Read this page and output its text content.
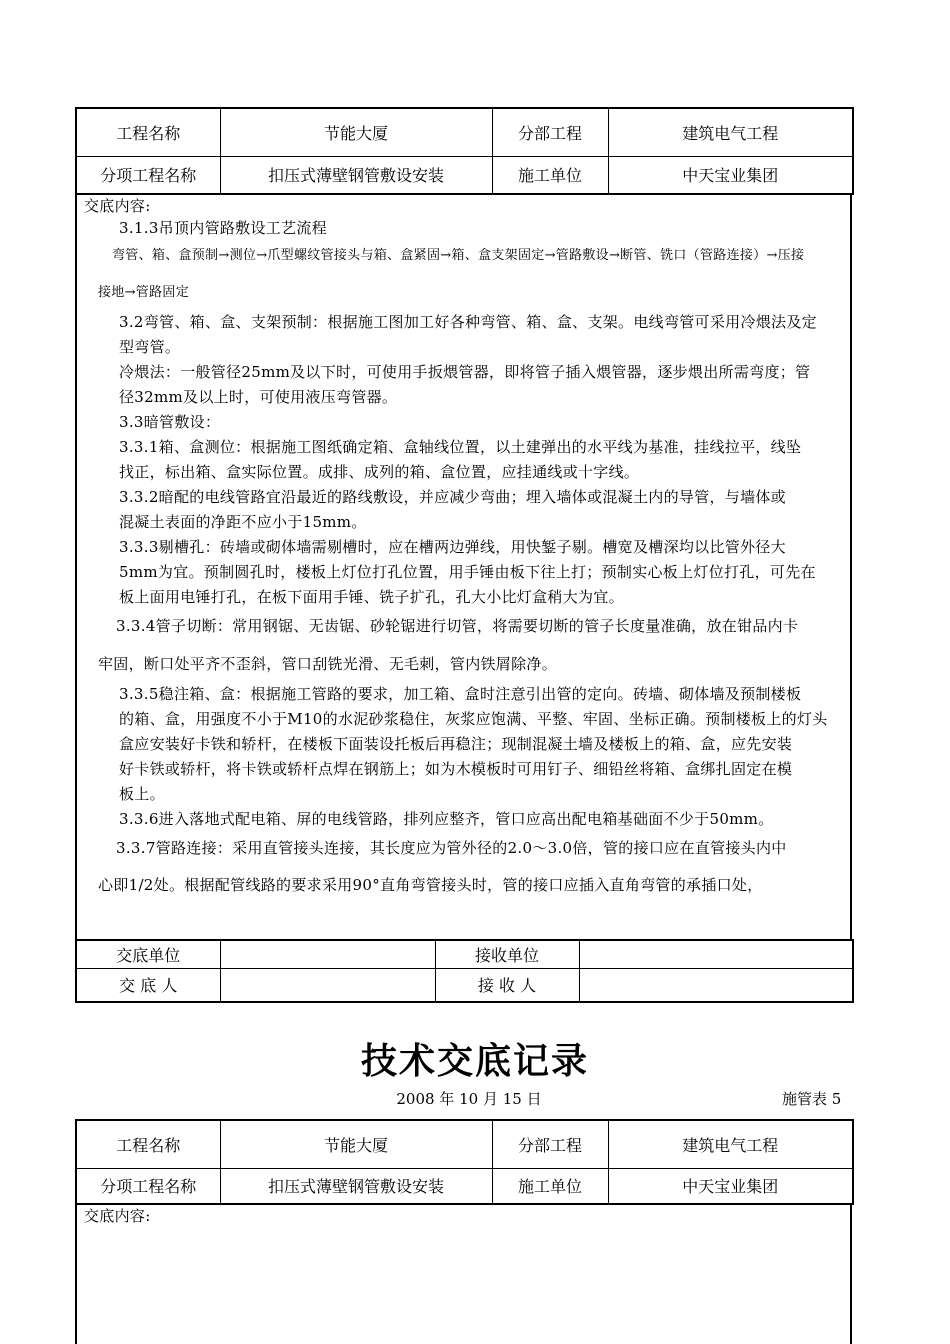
工程名称	节能大厦	分部工程	建筑电气工程
分项工程名称	扣压式薄壁钢管敷设安装	施工单位	中天宝业集团
交底内容:
3.1.3吊顶内管路敷设工艺流程
弯管、箱、盒预制→测位→爪型螺纹管接头与箱、盒紧固→箱、盒支架固定→管路敷设→断管、铣口（管路连接）→压接
接地→管路固定
3.2弯管、箱、盒、支架预制：根据施工图加工好各种弯管、箱、盒、支架。电线弯管可采用冷煨法及定
型弯管。
冷煨法：一般管径25mm及以下时，可使用手扳煨管器，即将管子插入煨管器，逐步煨出所需弯度；管
径32mm及以上时，可使用液压弯管器。
3.3暗管敷设：
3.3.1箱、盒测位：根据施工图纸确定箱、盒轴线位置，以土建弹出的水平线为基准，挂线拉平，线坠
找正，标出箱、盒实际位置。成排、成列的箱、盒位置，应挂通线或十字线。
3.3.2暗配的电线管路宜沿最近的路线敷设，并应减少弯曲；埋入墙体或混凝土内的导管，与墙体或
混凝土表面的净距不应小于15mm。
3.3.3剔槽孔：砖墙或砌体墙需剔槽时，应在槽两边弹线，用快錾子剔。槽宽及槽深均以比管外径大
5mm为宜。预制圆孔时，楼板上灯位打孔位置，用手锤由板下往上打；预制实心板上灯位打孔，可先在
板上面用电锤打孔，在板下面用手锤、铣子扩孔，孔大小比灯盒稍大为宜。
3.3.4管子切断：常用钢锯、无齿锯、砂轮锯进行切管，将需要切断的管子长度量准确，放在钳品内卡
牢固，断口处平齐不歪斜，管口刮铣光滑、无毛刺，管内铁屑除净。
3.3.5稳注箱、盒：根据施工管路的要求，加工箱、盒时注意引出管的定向。砖墙、砌体墙及预制楼板
的箱、盒，用强度不小于M10的水泥砂浆稳住，灰浆应饱满、平整、牢固、坐标正确。预制楼板上的灯头
盒应安装好卡铁和轿杆，在楼板下面装设托板后再稳注；现制混凝土墙及楼板上的箱、盒，应先安装
好卡铁或轿杆，将卡铁或轿杆点焊在钢筋上；如为木模板时可用钉子、细铅丝将箱、盒绑扎固定在模
板上。
3.3.6进入落地式配电箱、屏的电线管路，排列应整齐，管口应高出配电箱基础面不少于50mm。
3.3.7管路连接：采用直管接头连接，其长度应为管外径的2.0～3.0倍，管的接口应在直管接头内中
心即1/2处。根据配管线路的要求采用90°直角弯管接头时，管的接口应插入直角弯管的承插口处，
交底单位		接收单位	
交 底 人		接 收 人	
技术交底记录
2008 年 10 月 15 日	施管表 5
工程名称	节能大厦	分部工程	建筑电气工程
分项工程名称	扣压式薄壁钢管敷设安装	施工单位	中天宝业集团
交底内容:
